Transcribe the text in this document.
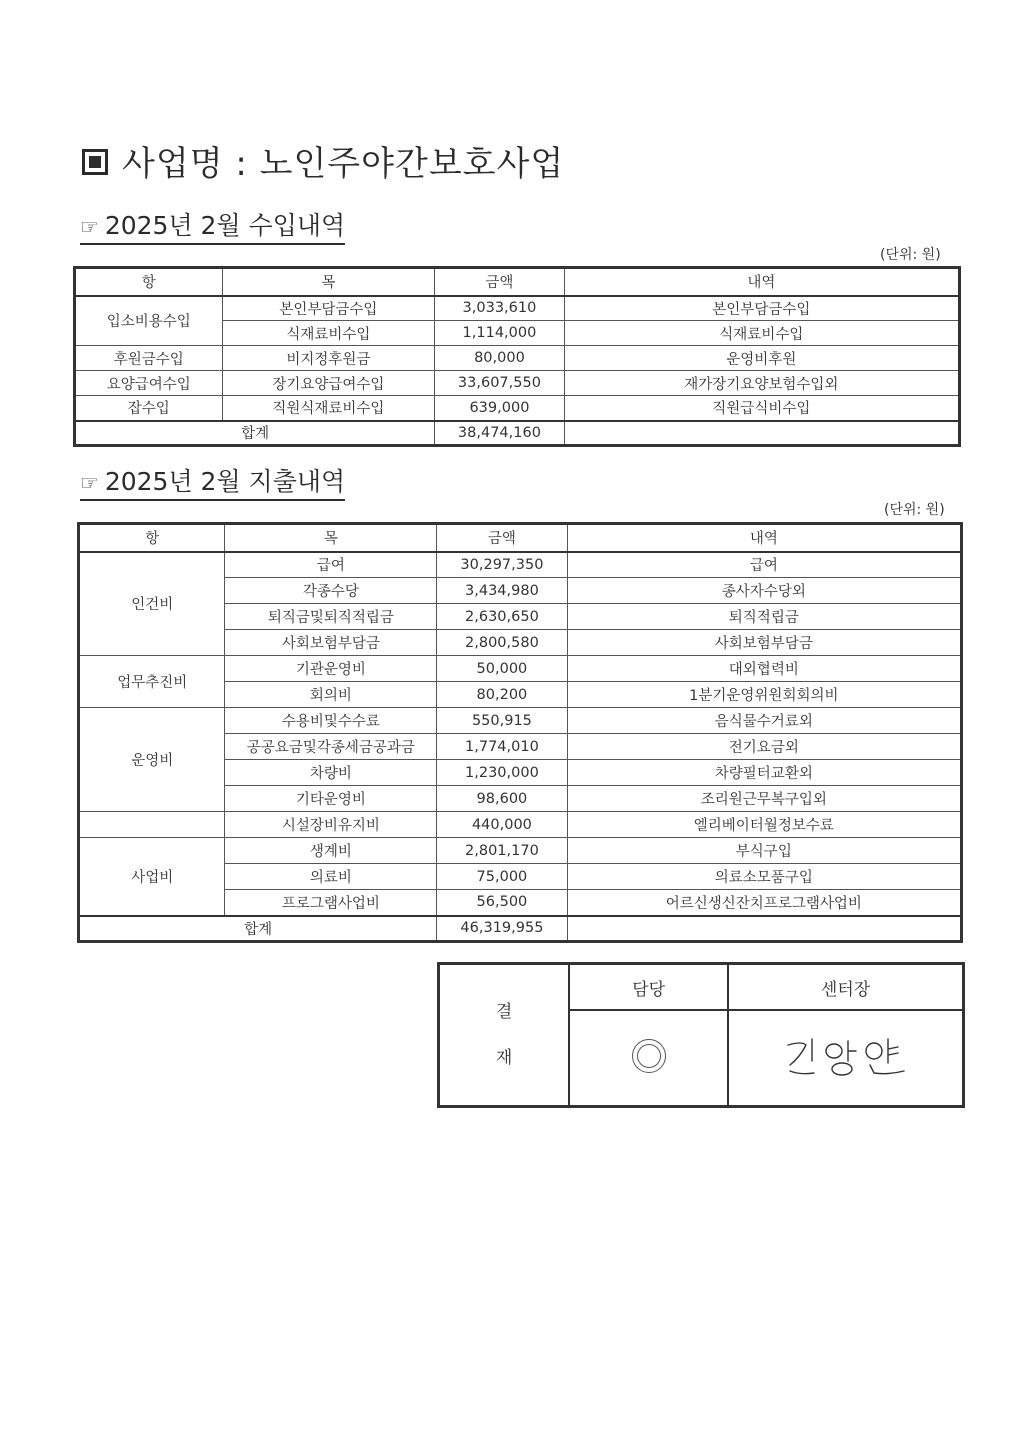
사업명 : 노인주야간보호사업
☞ 2025년 2월 수입내역
(단위: 원)
항	목	금액	내역
입소비용수입	본인부담금수입	3,033,610	본인부담금수입
	식재료비수입	1,114,000	식재료비수입
후원금수입	비지정후원금	80,000	운영비후원
요양급여수입	장기요양급여수입	33,607,550	재가장기요양보험수입외
잡수입	직원식재료비수입	639,000	직원급식비수입
합계		38,474,160	
☞ 2025년 2월 지출내역
(단위: 원)
항	목	금액	내역
인건비	급여	30,297,350	급여
	각종수당	3,434,980	종사자수당외
	퇴직금및퇴직적립금	2,630,650	퇴직적립금
	사회보험부담금	2,800,580	사회보험부담금
업무추진비	기관운영비	50,000	대외협력비
	회의비	80,200	1분기운영위원회회의비
운영비	수용비및수수료	550,915	음식물수거료외
	공공요금및각종세금공과금	1,774,010	전기요금외
	차량비	1,230,000	차량필터교환외
	기타운영비	98,600	조리원근무복구입외
	시설장비유지비	440,000	엘리베이터월정보수료
사업비	생계비	2,801,170	부식구입
	의료비	75,000	의료소모품구입
	프로그램사업비	56,500	어르신생신잔치프로그램사업비
합계		46,319,955	
결
재	담당	센터장
